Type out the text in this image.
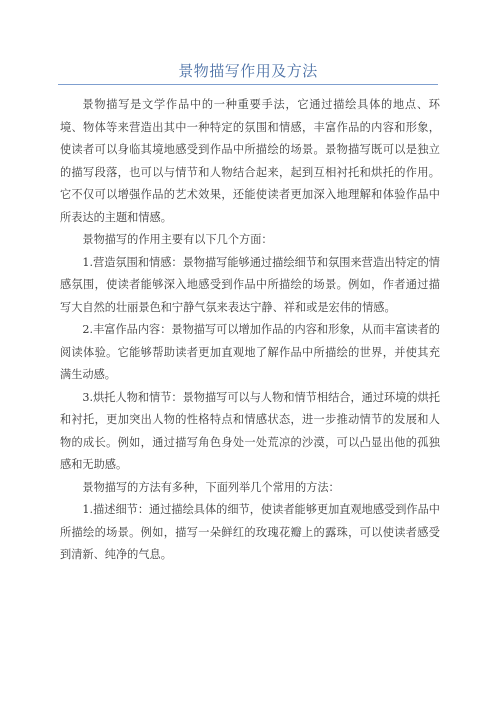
景物描写作用及方法

景物描写是文学作品中的一种重要手法，它通过描绘具体的地点、环境、物体等来营造出其中一种特定的氛围和情感，丰富作品的内容和形象，使读者可以身临其境地感受到作品中所描绘的场景。景物描写既可以是独立的描写段落，也可以与情节和人物结合起来，起到互相衬托和烘托的作用。它不仅可以增强作品的艺术效果，还能使读者更加深入地理解和体验作品中所表达的主题和情感。

景物描写的作用主要有以下几个方面：

1.营造氛围和情感：景物描写能够通过描绘细节和氛围来营造出特定的情感氛围，使读者能够深入地感受到作品中所描绘的场景。例如，作者通过描写大自然的壮丽景色和宁静气氛来表达宁静、祥和或是宏伟的情感。

2.丰富作品内容：景物描写可以增加作品的内容和形象，从而丰富读者的阅读体验。它能够帮助读者更加直观地了解作品中所描绘的世界，并使其充满生动感。

3.烘托人物和情节：景物描写可以与人物和情节相结合，通过环境的烘托和衬托，更加突出人物的性格特点和情感状态，进一步推动情节的发展和人物的成长。例如，通过描写角色身处一处荒凉的沙漠，可以凸显出他的孤独感和无助感。

景物描写的方法有多种，下面列举几个常用的方法：

1.描述细节：通过描绘具体的细节，使读者能够更加直观地感受到作品中所描绘的场景。例如，描写一朵鲜红的玫瑰花瓣上的露珠，可以使读者感受到清新、纯净的气息。
